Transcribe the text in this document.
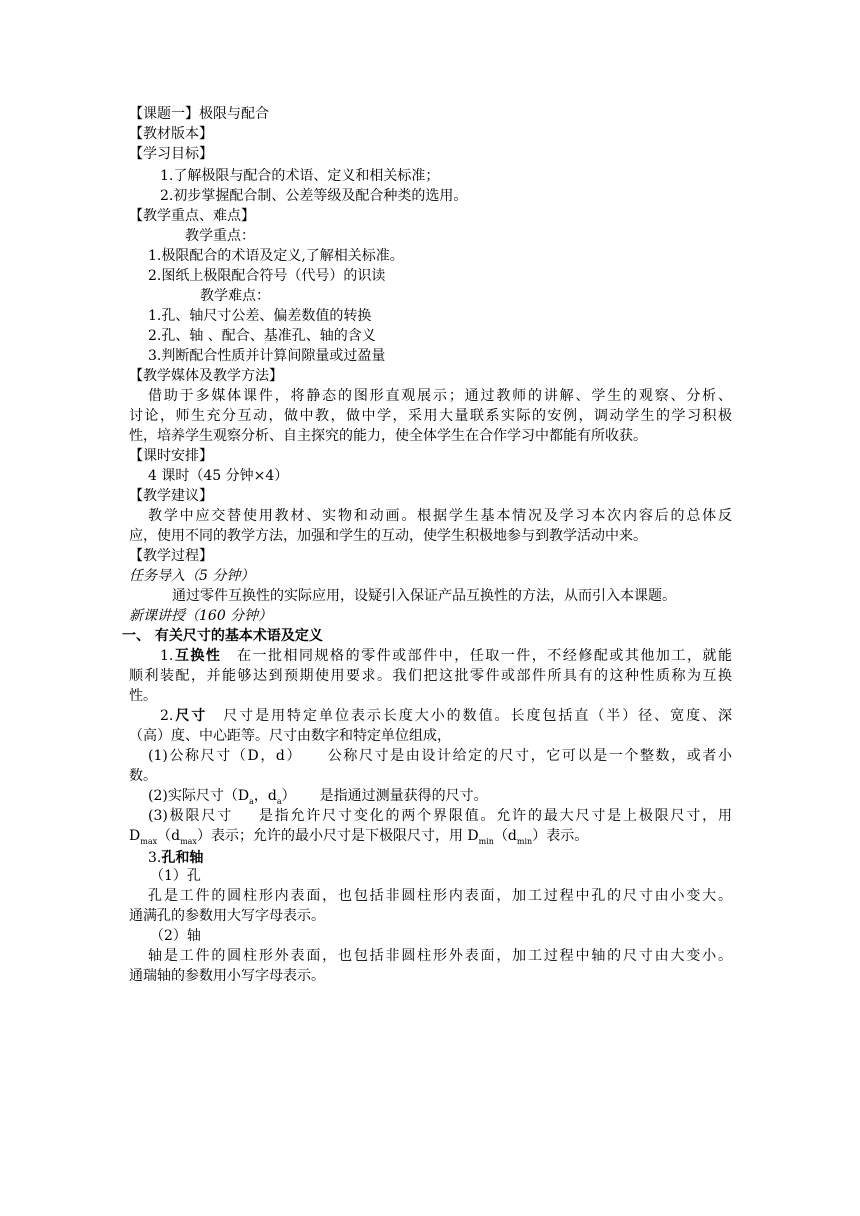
【课题一】极限与配合
【教材版本】
【学习目标】
1.了解极限与配合的术语、定义和相关标准；
2.初步掌握配合制、公差等级及配合种类的选用。
【教学重点、难点】
教学重点：
1.极限配合的术语及定义,了解相关标准。
2.图纸上极限配合符号（代号）的识读
教学难点：
1.孔、轴尺寸公差、偏差数值的转换
2.孔、轴 、配合、基准孔、轴的含义
3.判断配合性质并计算间隙量或过盈量
【教学媒体及教学方法】
借助于多媒体课件，将静态的图形直观展示；通过教师的讲解、学生的观察、分析、
讨论，师生充分互动，做中教，做中学，采用大量联系实际的安例，调动学生的学习积极
性，培养学生观察分析、自主探究的能力，使全体学生在合作学习中都能有所收获。
【课时安排】
4 课时（45 分钟×4）
【教学建议】
教学中应交替使用教材、实物和动画。根据学生基本情况及学习本次内容后的总体反
应，使用不同的教学方法，加强和学生的互动，使学生积极地参与到教学活动中来。
【教学过程】
任务导入（5 分钟）
通过零件互换性的实际应用，设疑引入保证产品互换性的方法，从而引入本课题。
新课讲授（160 分钟）
一、 有关尺寸的基本术语及定义
1.互换性 在一批相同规格的零件或部件中，任取一件，不经修配或其他加工，就能
顺利装配，并能够达到预期使用要求。我们把这批零件或部件所具有的这种性质称为互换
性。
2.尺寸 尺寸是用特定单位表示长度大小的数值。长度包括直（半）径、宽度、深
（高）度、中心距等。尺寸由数字和特定单位组成，
(1)公称尺寸（D，d） 公称尺寸是由设计给定的尺寸，它可以是一个整数，或者小
数。
(2)实际尺寸（$D_a$，$d_a$） 是指通过测量获得的尺寸。
(3)极限尺寸 是指允许尺寸变化的两个界限值。允许的最大尺寸是上极限尺寸，用
$D_{max}(d_{max})$表示；允许的最小尺寸是下极限尺寸，用 $D_{min}(d_{min})$表示。
3.孔和轴
（1）孔
孔是工件的圆柱形内表面，也包括非圆柱形内表面，加工过程中孔的尺寸由小变大。
通满孔的参数用大写字母表示。
（2）轴
轴是工件的圆柱形外表面，也包括非圆柱形外表面，加工过程中轴的尺寸由大变小。
通瑞轴的参数用小写字母表示。
